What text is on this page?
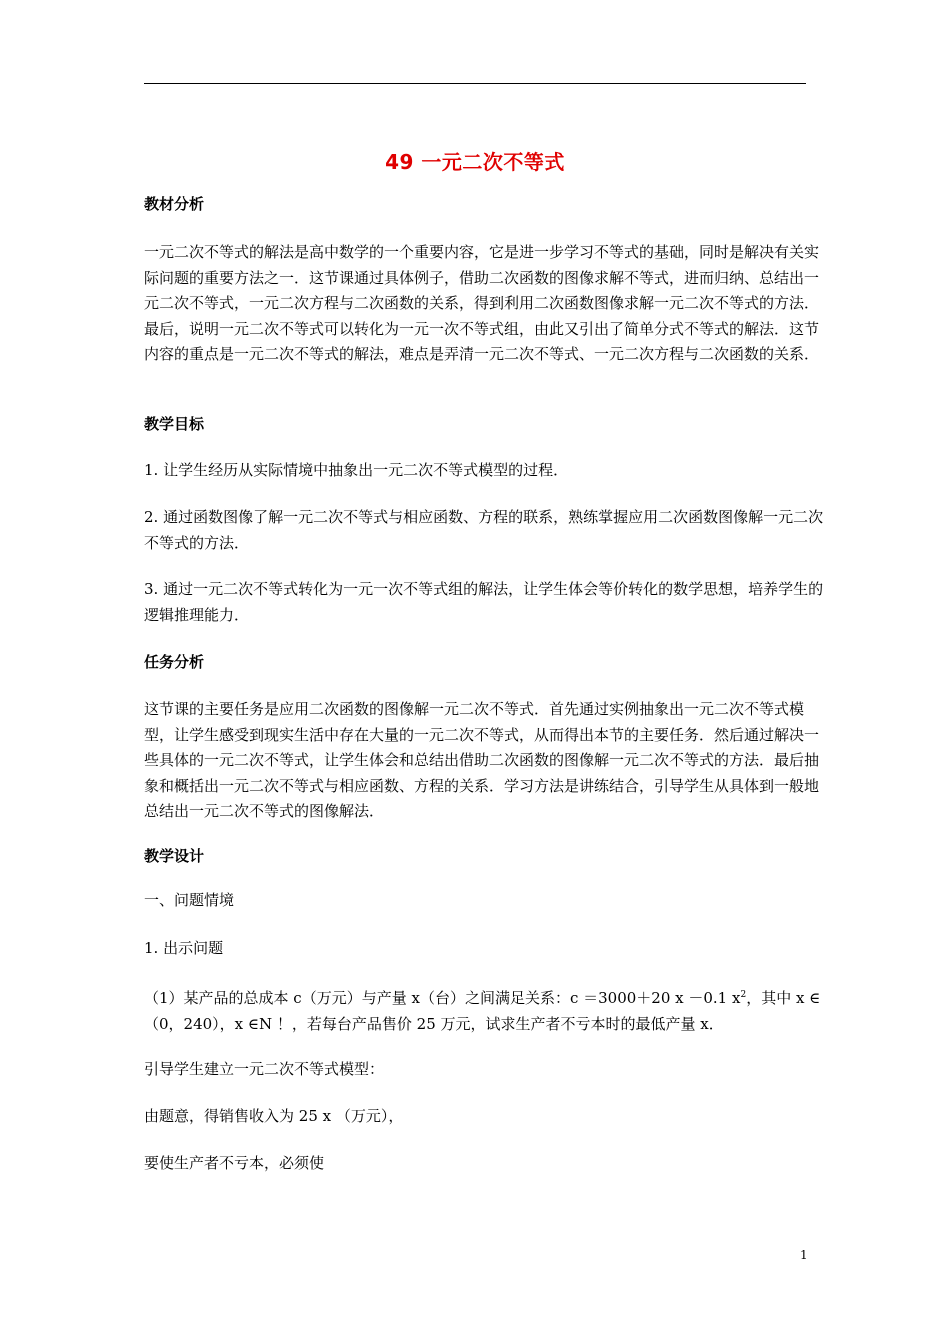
49 一元二次不等式
教材分析
一元二次不等式的解法是高中数学的一个重要内容，它是进一步学习不等式的基础，同时是解决有关实际问题的重要方法之一．这节课通过具体例子，借助二次函数的图像求解不等式，进而归纳、总结出一元二次不等式，一元二次方程与二次函数的关系，得到利用二次函数图像求解一元二次不等式的方法．最后，说明一元二次不等式可以转化为一元一次不等式组，由此又引出了简单分式不等式的解法．这节内容的重点是一元二次不等式的解法，难点是弄清一元二次不等式、一元二次方程与二次函数的关系．
教学目标
1. 让学生经历从实际情境中抽象出一元二次不等式模型的过程．
2. 通过函数图像了解一元二次不等式与相应函数、方程的联系，熟练掌握应用二次函数图像解一元二次不等式的方法．
3. 通过一元二次不等式转化为一元一次不等式组的解法，让学生体会等价转化的数学思想，培养学生的逻辑推理能力．
任务分析
这节课的主要任务是应用二次函数的图像解一元二次不等式．首先通过实例抽象出一元二次不等式模型，让学生感受到现实生活中存在大量的一元二次不等式，从而得出本节的主要任务．然后通过解决一些具体的一元二次不等式，让学生体会和总结出借助二次函数的图像解一元二次不等式的方法．最后抽象和概括出一元二次不等式与相应函数、方程的关系．学习方法是讲练结合，引导学生从具体到一般地总结出一元二次不等式的图像解法．
教学设计
一、问题情境
1. 出示问题
（1）某产品的总成本 c（万元）与产量 x（台）之间满足关系：c ＝3000＋20 x －0.1 $x^2$，其中 x ∈（0，240），x ∈N ！，若每台产品售价 25 万元，试求生产者不亏本时的最低产量 x．
引导学生建立一元二次不等式模型：
由题意，得销售收入为 25 x （万元），
要使生产者不亏本，必须使
1
